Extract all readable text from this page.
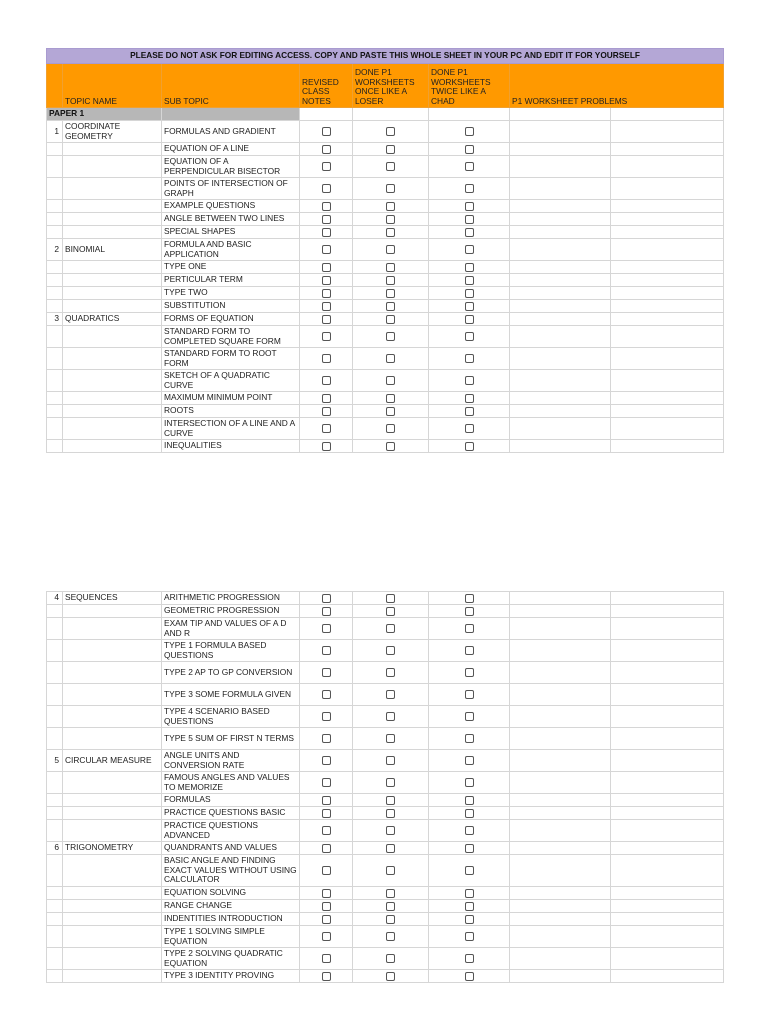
PLEASE DO NOT ASK FOR EDITING ACCESS. COPY AND PASTE THIS WHOLE SHEET IN YOUR PC AND EDIT IT FOR YOURSELF							
	TOPIC NAME	SUB TOPIC	REVISED CLASS NOTES	DONE P1 WORKSHEETS ONCE LIKE A LOSER	DONE P1 WORKSHEETS TWICE LIKE A CHAD	P1 WORKSHEET PROBLEMS	
PAPER 1							
1	COORDINATE GEOMETRY	FORMULAS AND GRADIENT					
		EQUATION OF A LINE					
		EQUATION OF A PERPENDICULAR BISECTOR					
		POINTS OF INTERSECTION OF GRAPH					
		EXAMPLE QUESTIONS					
		ANGLE BETWEEN TWO LINES					
		SPECIAL SHAPES					
2	BINOMIAL	FORMULA AND BASIC APPLICATION					
		TYPE ONE					
		PERTICULAR TERM					
		TYPE TWO					
		SUBSTITUTION					
3	QUADRATICS	FORMS OF EQUATION					
		STANDARD FORM TO COMPLETED SQUARE FORM					
		STANDARD FORM TO ROOT FORM					
		SKETCH OF A QUADRATIC CURVE					
		MAXIMUM MINIMUM POINT					
		ROOTS					
		INTERSECTION OF A LINE AND A CURVE					
		INEQUALITIES					
4	SEQUENCES	ARITHMETIC PROGRESSION					
		GEOMETRIC PROGRESSION					
		EXAM TIP AND VALUES OF A D AND R					
		TYPE 1 FORMULA BASED QUESTIONS					
		TYPE 2 AP TO GP CONVERSION					
		TYPE 3 SOME FORMULA GIVEN					
		TYPE 4 SCENARIO BASED QUESTIONS					
		TYPE 5 SUM OF FIRST N TERMS					
5	CIRCULAR MEASURE	ANGLE UNITS AND CONVERSION RATE					
		FAMOUS ANGLES AND VALUES TO MEMORIZE					
		FORMULAS					
		PRACTICE QUESTIONS BASIC					
		PRACTICE QUESTIONS ADVANCED					
6	TRIGONOMETRY	QUANDRANTS AND VALUES					
		BASIC ANGLE AND FINDING EXACT VALUES WITHOUT USING CALCULATOR					
		EQUATION SOLVING					
		RANGE CHANGE					
		INDENTITIES INTRODUCTION					
		TYPE 1 SOLVING SIMPLE EQUATION					
		TYPE 2 SOLVING QUADRATIC EQUATION					
		TYPE 3 IDENTITY PROVING					
